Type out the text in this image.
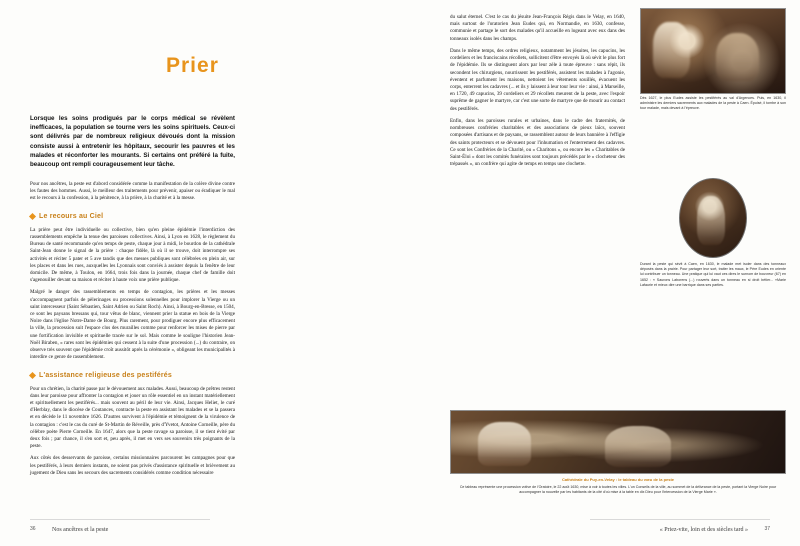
Prier
Lorsque les soins prodigués par le corps médical se révèlent inefficaces, la population se tourne vers les soins spirituels. Ceux-ci sont délivrés par de nombreux religieux dévoués dont la mission consiste aussi à entretenir les hôpitaux, secourir les pauvres et les malades et réconforter les mourants. Si certains ont préféré la fuite, beaucoup ont rempli courageusement leur tâche.
Pour nos ancêtres, la peste est d'abord considérée comme la manifestation de la colère divine contre les fautes des hommes. Aussi, le meilleur des traitements pour prévenir, apaiser ou éradiquer le mal est le recours à la confession, à la pénitence, à la prière, à la charité et à la messe.
Le recours au Ciel
La prière peut être individuelle ou collective, bien qu'en pleine épidémie l'interdiction des rassemblements empêche la tenue des paroisses collectives. Ainsi, à Lyon en 1628, le règlement du Bureau de santé recommande qu'en temps de peste, chaque jour à midi, le bourdon de la cathédrale Saint-Jean donne le signal de la prière : chaque fidèle, là où il se trouve, doit interrompre ses activités et réciter 5 pater et 5 ave tandis que des messes publiques sont célébrées en plein air, sur les places et dans les rues, auxquelles les Lyonnais sont conviés à assister depuis la fenêtre de leur domicile. De même, à Toulon, en 1664, trois fois dans la journée, chaque chef de famille doit s'agenouiller devant sa maison et réciter à haute voix une prière publique.
Malgré le danger des rassemblements en temps de contagion, les prières et les messes s'accompagnent parfois de pèlerinages ou processions solennelles pour implorer la Vierge ou un saint intercesseur (Saint Sébastien, Saint Adrien ou Saint Roch). Ainsi, à Bourg-en-Bresse, en 1504, ce sont les paysans bressans qui, tour vêtus de blanc, viennent prier la statue en bois de la Vierge Noire dans l'église Notre-Dame de Bourg. Plus rarement, pour prodiguer encore plus efficacement la ville, la procession suit l'espace clos des murailles comme pour renforcer les mises de pierre par une fortification invisible et spirituelle tracée sur le sol. Mais comme le souligne l'historien Jean-Noël Biraben, « rares sont les épidémies qui cessent à la suite d'une procession (...) du contraire, on observe très souvent que l'épidémie croît aussitôt après la cérémonie », obligeant les municipalités à interdire ce genre de rassemblement.
L'assistance religieuse des pestiférés
Pour un chrétien, la charité passe par le dévouement aux malades. Aussi, beaucoup de prêtres restent dans leur paroisse pour affronter la contagion et jouer un rôle essentiel en un instant matériellement et spirituellement les pestiférés... mais souvent au péril de leur vie. Ainsi, Jacques Heliet, le curé d'Herblay, dans le diocèse de Coutances, contracte la peste en assistant les malades et se la passera et en décède le 11 novembre 1626. D'autres survivent à l'épidémie et témoignent de la virulence de la contagion : c'est le cas du curé de St-Martin de Réveille, près d'Yvetot, Antoine Corneille, père du célèbre poète Pierre Corneille. En 1647, alors que la peste ravage sa paroisse, il se tient évité par deux fois ; par chance, il s'en sort et, peu après, il met en vers ses souvenirs très poignants de la peste.
Aux côtés des desservants de paroisse, certains missionnaires parcourent les campagnes pour que les pestiférés, à leurs derniers instants, ne soient pas privés d'assistance spirituelle et brièvement au jugement de Dieu sans les secours des sacrements considérés comme condition nécessaire
du salut éternel. C'est le cas du jésuite Jean-François Régis dans le Velay, en 1640, mais surtout de l'oratorien Jean Eudes qui, en Normandie, en 1630, confesse, communie et partage le sort des malades qu'il accueille en logeant avec eux dans des tonneaux isolés dans les champs.
Dans le même temps, des ordres religieux, notamment les jésuites, les capucins, les cordeliers et les franciscains récollets, sollicitent d'être envoyés là où sévit le plus fort de l'épidémie. Ils se distinguent alors par leur zèle à toute épreuve : sans répit, ils secondent les chirurgiens, nourrissent les pestiférés, assistent les malades à l'agonie, éventent et parfument les maisons, nettoient les vêtements souillés, évacuent les corps, enterrent les cadavres (... et ils y laissent à leur tour leur vie : ainsi, à Marseille, en 1720, 49 capucins, 39 cordeliers et 29 récollets meurent de la peste, avec l'espoir suprême de gagner le martyre, car c'est une sorte de martyre que de mourir au contact des pestiférés.
Enfin, dans les paroisses rurales et urbaines, dans le cadre des fraternités, de nombreuses confréries charitables et des associations de pieux laïcs, souvent composées d'artisans et de paysans, se rassemblent autour de leurs bannière à l'effigie des saints protecteurs et se dévouent pour l'inhumation et l'enterrement des cadavres. Ce sont les Confréries de la Charité, ou « Charitons », ou encore les « Charitables de Saint-Éloi » dont les comités funéraires sont toujours précédés par le « clocheteur des trépassés », un confrère qui agite de temps en temps une clochette.
Dès 1627, le plus Eudes assiste les pestiférés au val d'Argences. Puis, en 1630, il administre les derniers sacrements aux malades de la peste à Caen. Épuisé, il tombe à son tour malade, mais devant à l'épreuve.
Durant la peste qui sévit à Caen, en 1630, le malade met isoler dans des tonneaux déposés dans la prairie. Pour partager leur sort, traiter les maux, le Père Eudes en oriente lui contribuer un tonneau. Une pratique qui lui vaut ces dires le surnom de bouvreur (67) en 1652 : « Saurons Laborens (...) rouverts dans un tonneau en si droit bétier... »Marie Lafaurie et mieux dire une barrique dans ses parties.
Cathédrale du Puy-en-Velay : le tableau du vœu de la peste
Ce tableau représente une procession votive de l'Oratoire, le 22 août 1630, mise à voir à toutes les villes. L'un Conseils de la ville, au sommet de la délivrance de la peste, portant la Vierge Noire pour accompagner la nouvelle par les habitants de la cité d'où mise à la table en dix Dieu pour l'intercession de la Vierge Marie ».
36	Nos ancêtres et la peste	37
« Priez-vite, loin et des siècles tard »
